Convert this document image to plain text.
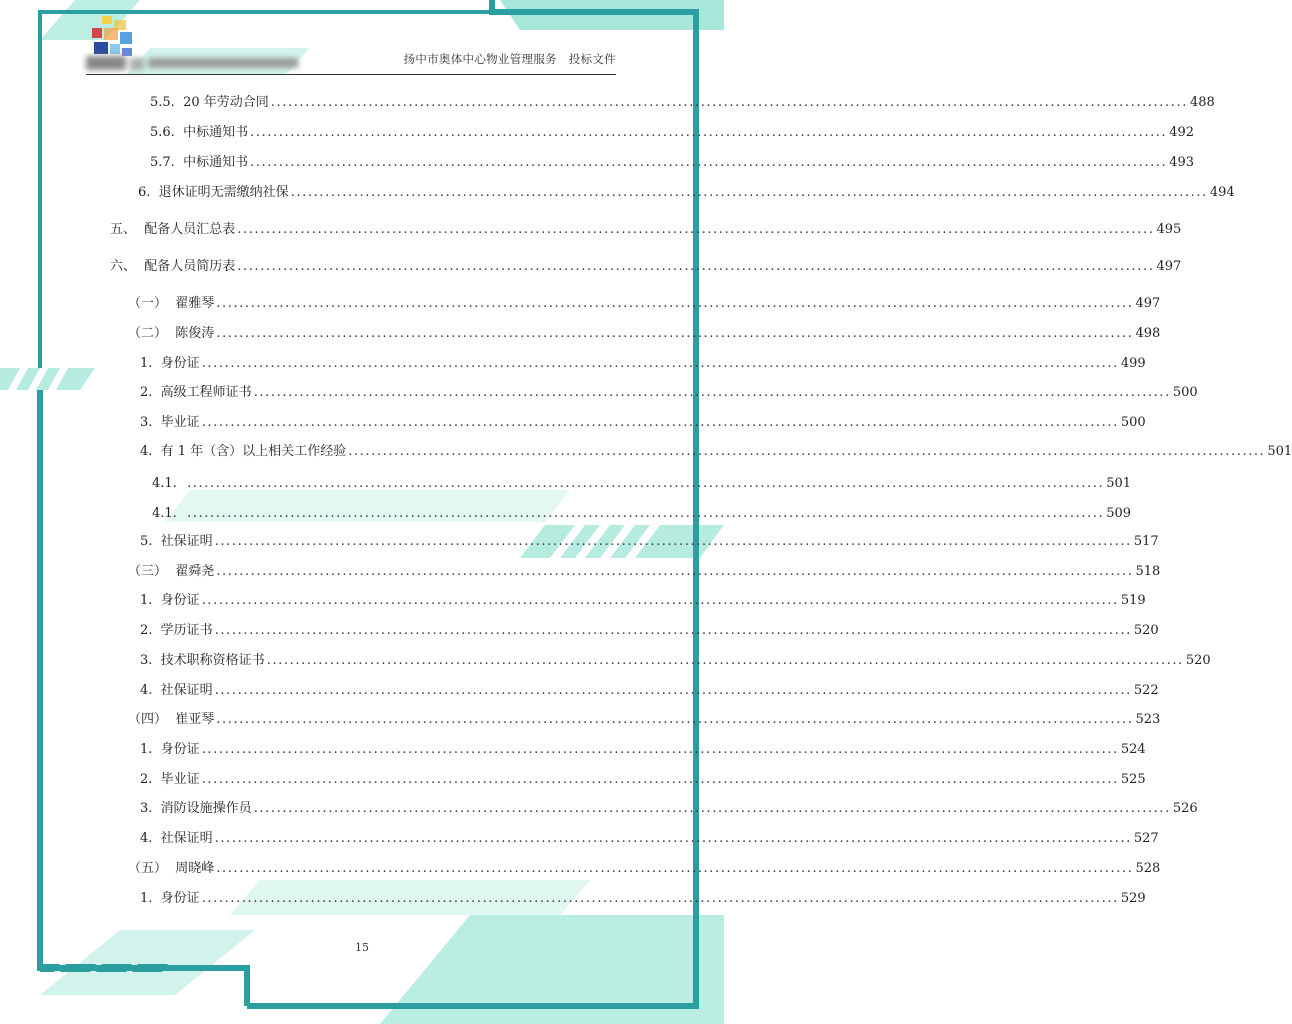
扬中市奥体中心物业管理服务   投标文件
5.5. 20 年劳动合同 ................................................................................................................................................................ 488
5.6. 中标通知书 ................................................................................................................................................................ 492
5.7. 中标通知书 ................................................................................................................................................................ 493
6. 退休证明无需缴纳社保 ................................................................................................................................................................ 494
五、 配备人员汇总表 ................................................................................................................................................................ 495
六、 配备人员简历表 ................................................................................................................................................................ 497
（一） 翟雅琴 ................................................................................................................................................................ 497
（二） 陈俊涛 ................................................................................................................................................................ 498
1. 身份证 ................................................................................................................................................................ 499
2. 高级工程师证书 ................................................................................................................................................................ 500
3. 毕业证 ................................................................................................................................................................ 500
4. 有 1 年（含）以上相关工作经验 ................................................................................................................................................................ 501
4.1. ................................................................................................................................................................ 501
4.1. ................................................................................................................................................................ 509
5. 社保证明 ................................................................................................................................................................ 517
（三） 翟舜尧 ................................................................................................................................................................ 518
1. 身份证 ................................................................................................................................................................ 519
2. 学历证书 ................................................................................................................................................................ 520
3. 技术职称资格证书 ................................................................................................................................................................ 520
4. 社保证明 ................................................................................................................................................................ 522
（四） 崔亚琴 ................................................................................................................................................................ 523
1. 身份证 ................................................................................................................................................................ 524
2. 毕业证 ................................................................................................................................................................ 525
3. 消防设施操作员 ................................................................................................................................................................ 526
4. 社保证明 ................................................................................................................................................................ 527
（五） 周晓峰 ................................................................................................................................................................ 528
1. 身份证 ................................................................................................................................................................ 529
15
